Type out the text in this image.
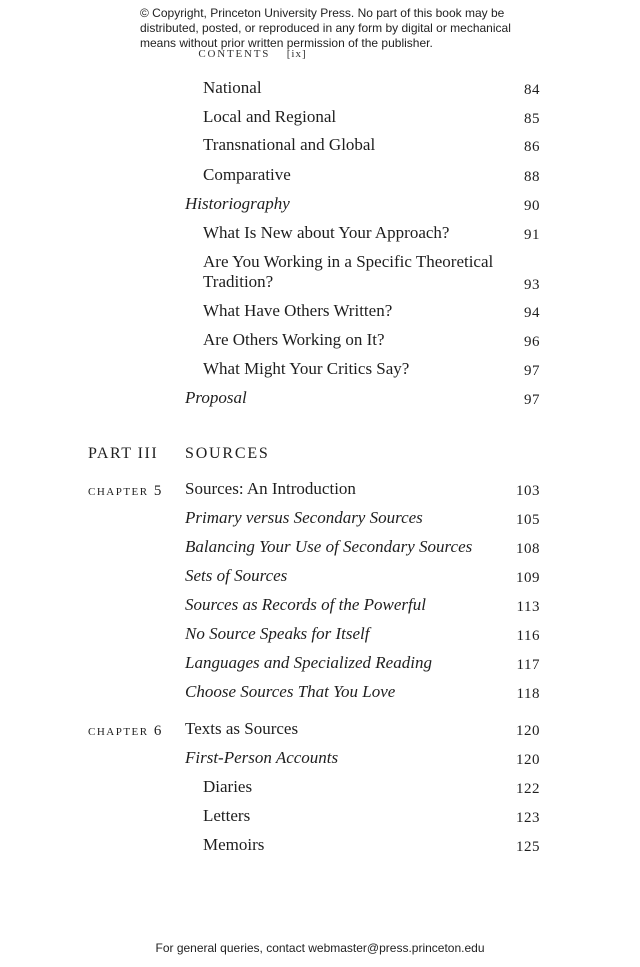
© Copyright, Princeton University Press. No part of this book may be distributed, posted, or reproduced in any form by digital or mechanical means without prior written permission of the publisher.
CONTENTS [ix]
National	84
Local and Regional	85
Transnational and Global	86
Comparative	88
Historiography	90
What Is New about Your Approach?	91
Are You Working in a Specific Theoretical Tradition?	93
What Have Others Written?	94
Are Others Working on It?	96
What Might Your Critics Say?	97
Proposal	97
PART III SOURCES
chapter 5 Sources: An Introduction	103
Primary versus Secondary Sources	105
Balancing Your Use of Secondary Sources	108
Sets of Sources	109
Sources as Records of the Powerful	113
No Source Speaks for Itself	116
Languages and Specialized Reading	117
Choose Sources That You Love	118
chapter 6 Texts as Sources	120
First-Person Accounts	120
Diaries	122
Letters	123
Memoirs	125
For general queries, contact webmaster@press.princeton.edu
